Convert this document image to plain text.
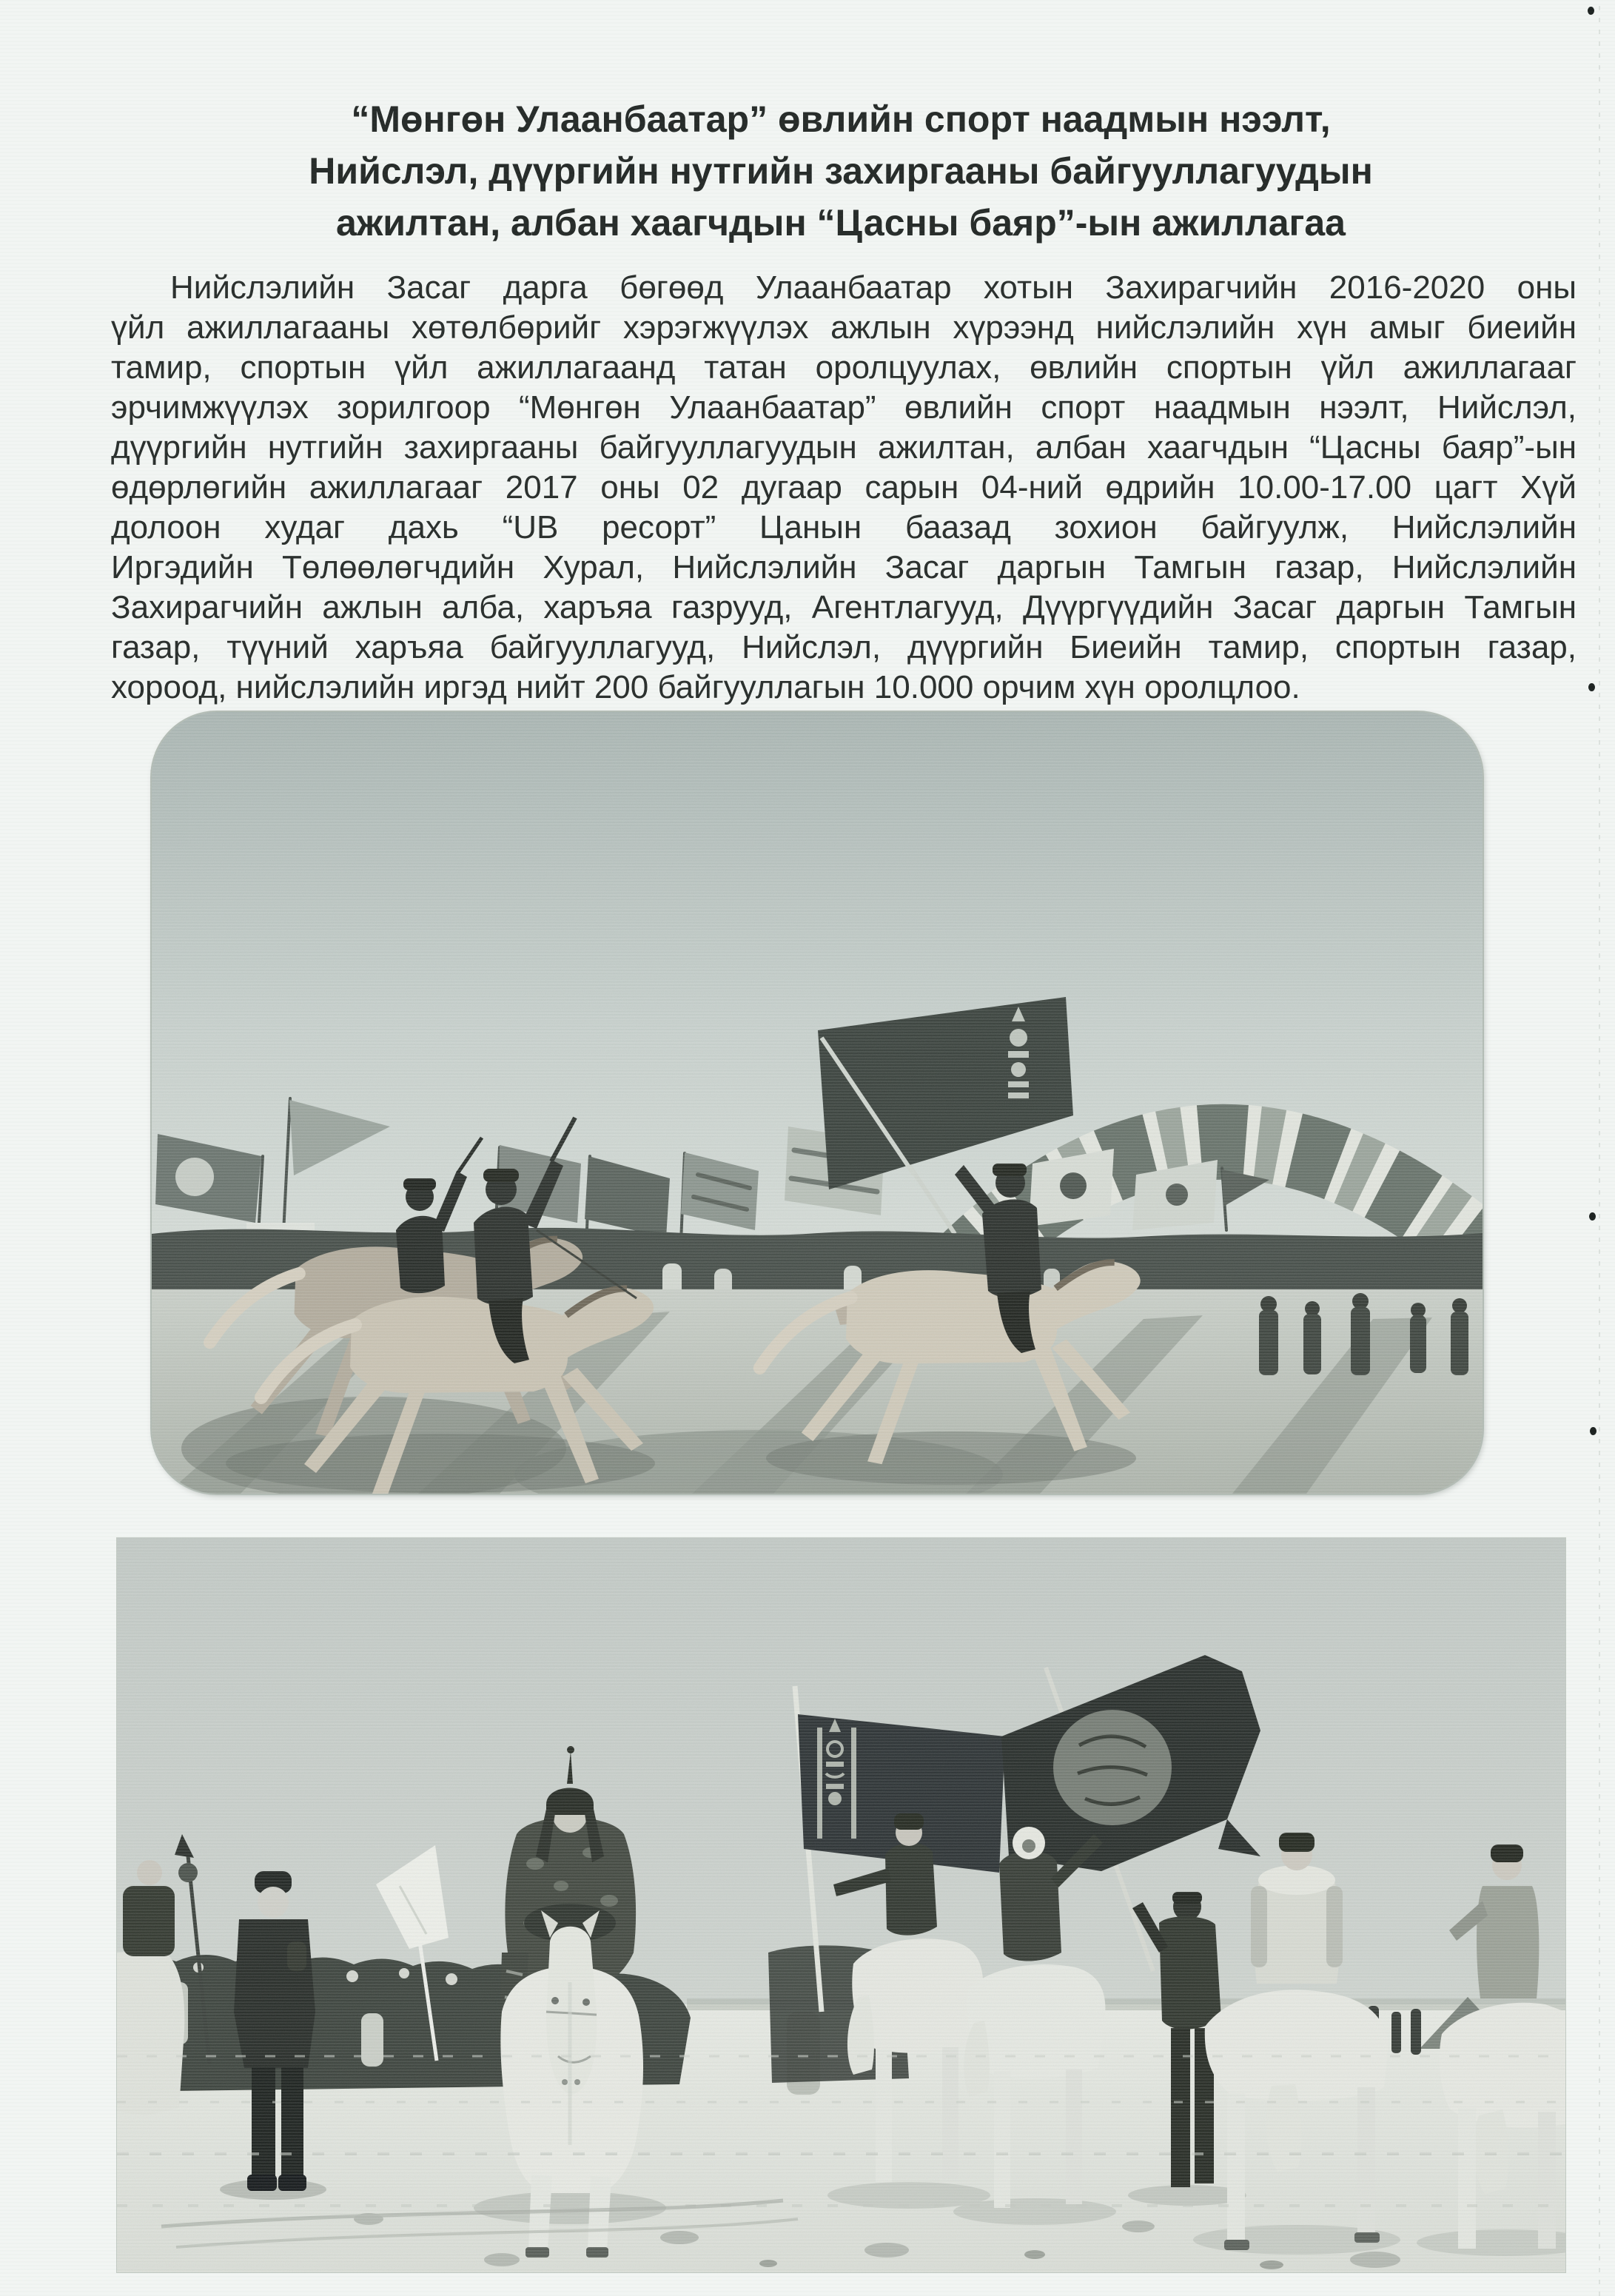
“Мөнгөн Улаанбаатар” өвлийн спорт наадмын нээлт,
Нийслэл, дүүргийн нутгийн захиргааны байгууллагуудын
ажилтан, албан хаагчдын “Цасны баяр”-ын ажиллагаа
Нийслэлийн Засаг дарга бөгөөд Улаанбаатар хотын Захирагчийн 2016-2020 оны
үйл ажиллагааны хөтөлбөрийг хэрэгжүүлэх ажлын хүрээнд нийслэлийн хүн амыг биеийн
тамир, спортын үйл ажиллагаанд татан оролцуулах, өвлийн спортын үйл ажиллагааг
эрчимжүүлэх зорилгоор “Мөнгөн Улаанбаатар” өвлийн спорт наадмын нээлт, Нийслэл,
дүүргийн нутгийн захиргааны байгууллагуудын ажилтан, албан хаагчдын “Цасны баяр”-ын
өдөрлөгийн ажиллагааг 2017 оны 02 дугаар сарын 04-ний өдрийн 10.00-17.00 цагт Хүй
долоон худаг дахь “UB ресорт” Цанын баазад зохион байгуулж, Нийслэлийн
Иргэдийн Төлөөлөгчдийн Хурал, Нийслэлийн Засаг даргын Тамгын газар, Нийслэлийн
Захирагчийн ажлын алба, харъяа газрууд, Агентлагууд, Дүүргүүдийн Засаг даргын Тамгын
газар, түүний харъяа байгууллагууд, Нийслэл, дүүргийн Биеийн тамир, спортын газар,
хороод, нийслэлийн иргэд нийт 200 байгууллагын 10.000 орчим хүн оролцлоо.
